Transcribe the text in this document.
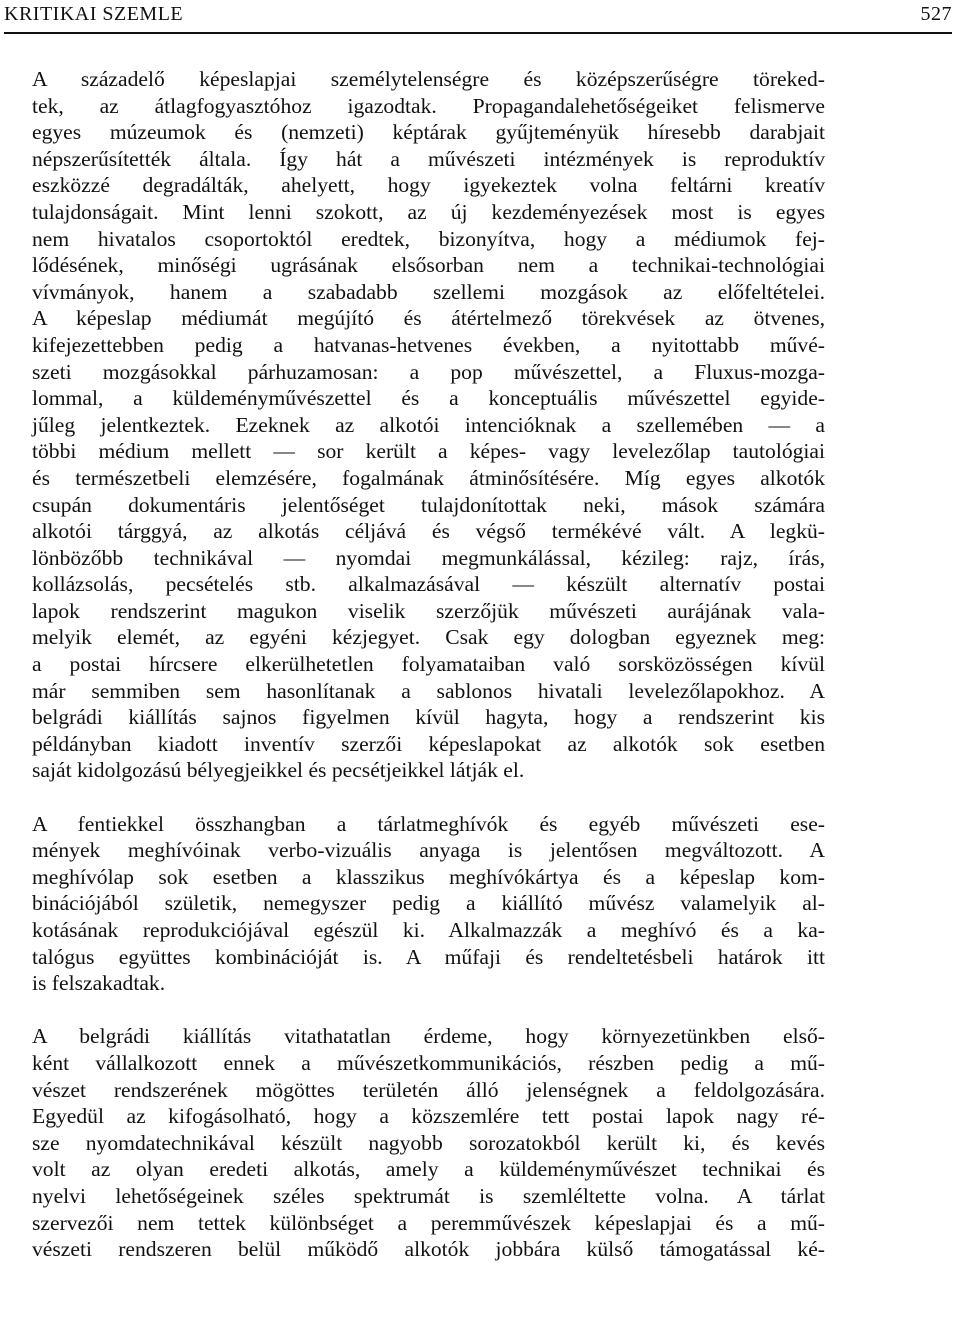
KRITIKAI SZEMLE	527
A századelő képeslapjai személytelenségre és középszerűségre töreked-
tek, az átlagfogyasztóhoz igazodtak. Propagandalehetőségeiket felismerve
egyes múzeumok és (nemzeti) képtárak gyűjteményük híresebb darabjait
népszerűsítették általa. Így hát a művészeti intézmények is reproduktív
eszközzé degradálták, ahelyett, hogy igyekeztek volna feltárni kreatív
tulajdonságait. Mint lenni szokott, az új kezdeményezések most is egyes
nem hivatalos csoportoktól eredtek, bizonyítva, hogy a médiumok fej-
lődésének, minőségi ugrásának elsősorban nem a technikai-technológiai
vívmányok, hanem a szabadabb szellemi mozgások az előfeltételei.
A képeslap médiumát megújító és átértelmező törekvések az ötvenes,
kifejezettebben pedig a hatvanas-hetvenes években, a nyitottabb művé-
szeti mozgásokkal párhuzamosan: a pop művészettel, a Fluxus-mozga-
lommal, a küldeményművészettel és a konceptuális művészettel egyide-
jűleg jelentkeztek. Ezeknek az alkotói intencióknak a szellemében — a
többi médium mellett — sor került a képes- vagy levelezőlap tautológiai
és természetbeli elemzésére, fogalmának átminősítésére. Míg egyes alkotók
csupán dokumentáris jelentőséget tulajdonítottak neki, mások számára
alkotói tárggyá, az alkotás céljává és végső termékévé vált. A legkü-
lönbözőbb technikával — nyomdai megmunkálással, kézileg: rajz, írás,
kollázsolás, pecsételés stb. alkalmazásával — készült alternatív postai
lapok rendszerint magukon viselik szerzőjük művészeti aurájának vala-
melyik elemét, az egyéni kézjegyet. Csak egy dologban egyeznek meg:
a postai hírcsere elkerülhetetlen folyamataiban való sorsközösségen kívül
már semmiben sem hasonlítanak a sablonos hivatali levelezőlapokhoz. A
belgrádi kiállítás sajnos figyelmen kívül hagyta, hogy a rendszerint kis
példányban kiadott inventív szerzői képeslapokat az alkotók sok esetben
saját kidolgozású bélyegjeikkel és pecsétjeikkel látják el.
A fentiekkel összhangban a tárlatmeghívók és egyéb művészeti ese-
mények meghívóinak verbo-vizuális anyaga is jelentősen megváltozott. A
meghívólap sok esetben a klasszikus meghívókártya és a képeslap kom-
binációjából születik, nemegyszer pedig a kiállító művész valamelyik al-
kotásának reprodukciójával egészül ki. Alkalmazzák a meghívó és a ka-
talógus együttes kombinációját is. A műfaji és rendeltetésbeli határok itt
is felszakadtak.
A belgrádi kiállítás vitathatatlan érdeme, hogy környezetünkben első-
ként vállalkozott ennek a művészetkommunikációs, részben pedig a mű-
vészet rendszerének mögöttes területén álló jelenségnek a feldolgozására.
Egyedül az kifogásolható, hogy a közszemlére tett postai lapok nagy ré-
sze nyomdatechnikával készült nagyobb sorozatokból került ki, és kevés
volt az olyan eredeti alkotás, amely a küldeményművészet technikai és
nyelvi lehetőségeinek széles spektrumát is szemléltette volna. A tárlat
szervezői nem tettek különbséget a peremművészek képeslapjai és a mű-
vészeti rendszeren belül működő alkotók jobbára külső támogatással ké-
